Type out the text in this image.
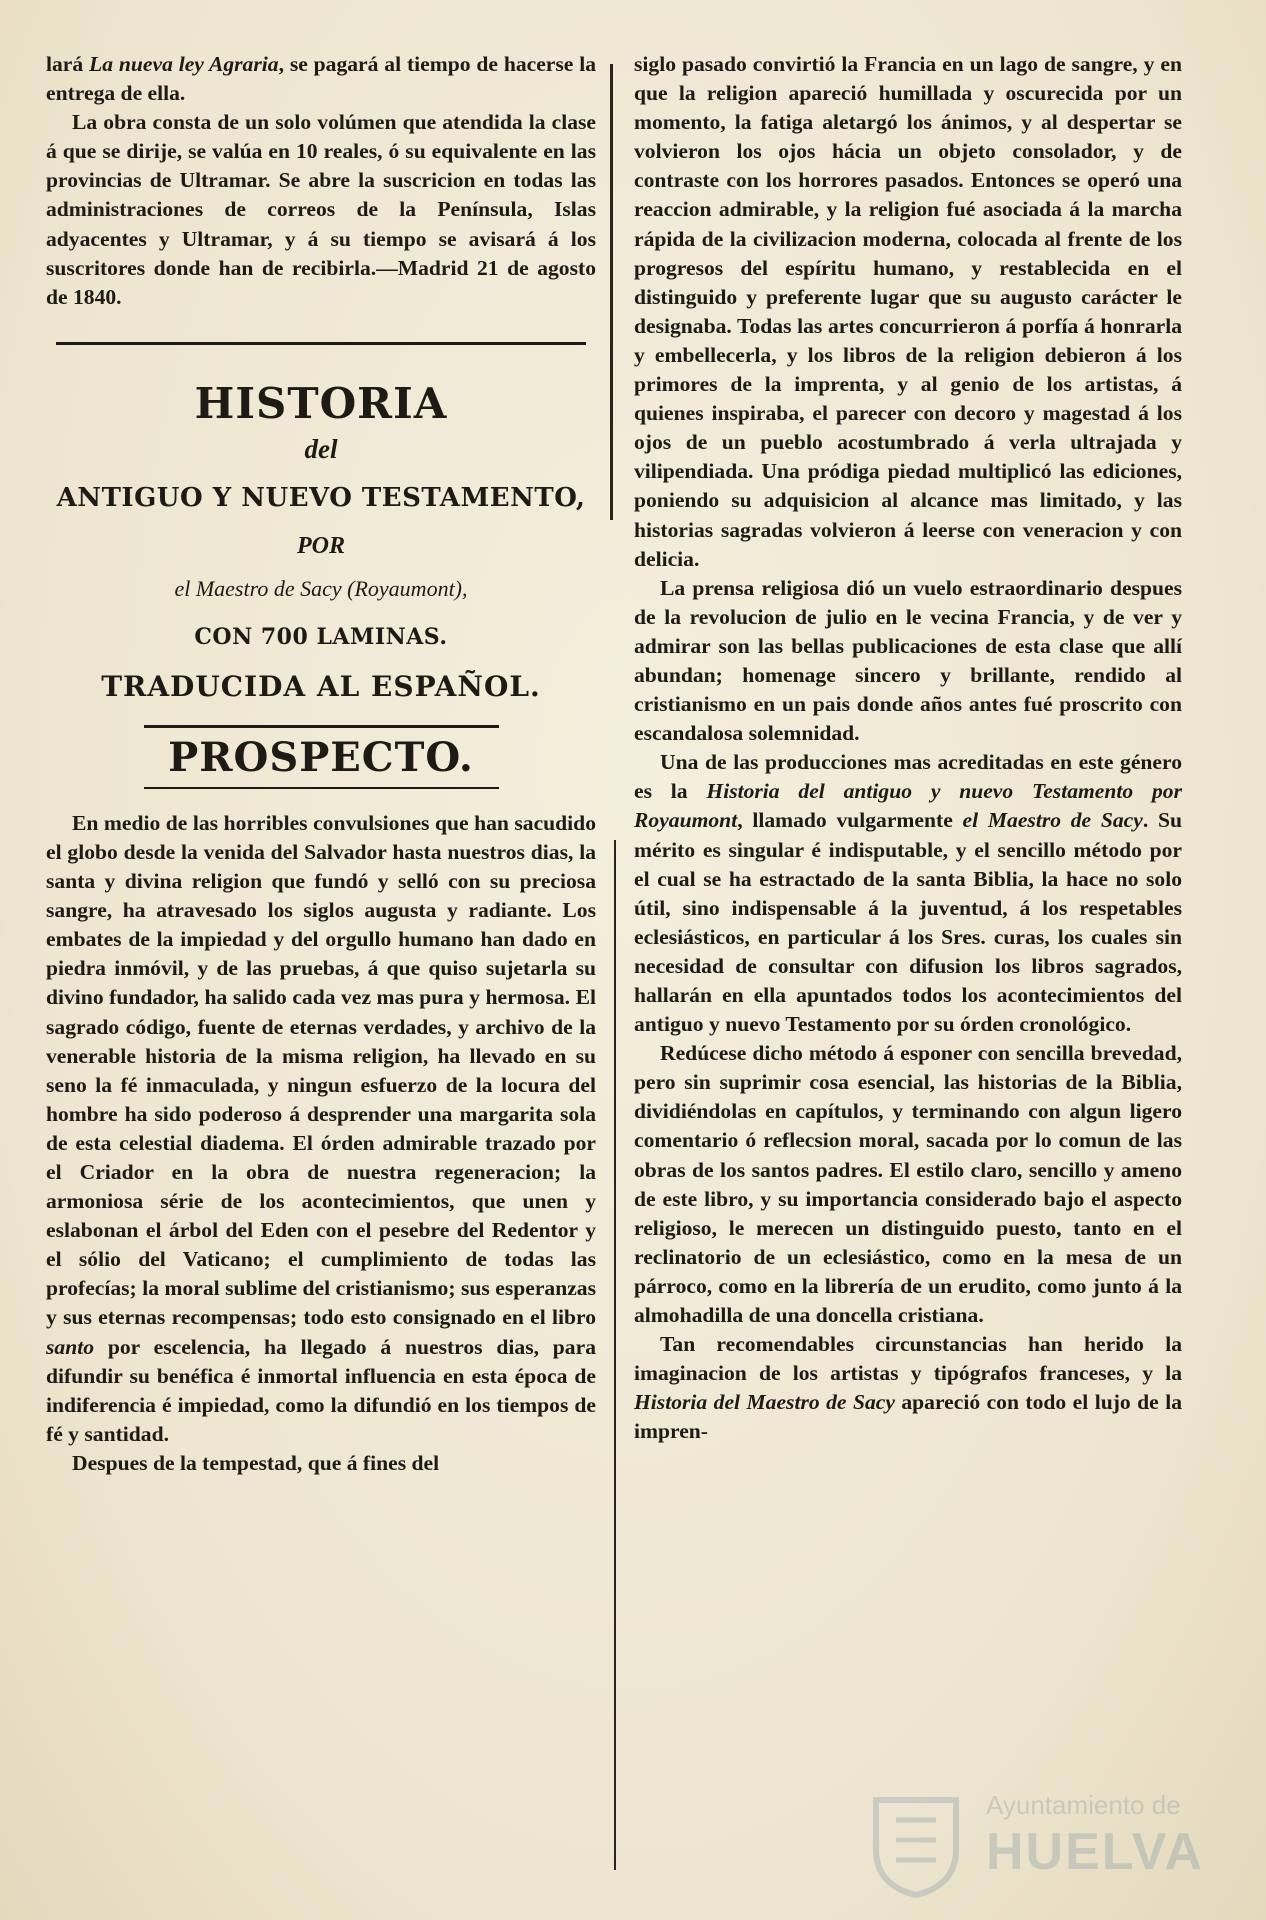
lará La nueva ley Agraria, se pagará al tiempo de hacerse la entrega de ella.

La obra consta de un solo volúmen que atendida la clase á que se dirije, se valúa en 10 reales, ó su equivalente en las provincias de Ultramar. Se abre la suscricion en todas las administraciones de correos de la Península, Islas adyacentes y Ultramar, y á su tiempo se avisará á los suscritores donde han de recibirla.—Madrid 21 de agosto de 1840.

HISTORIA
del
ANTIGUO Y NUEVO TESTAMENTO,
POR
el Maestro de Sacy (Royaumont),
CON 700 LAMINAS.
TRADUCIDA AL ESPAÑOL.
PROSPECTO.

En medio de las horribles convulsiones que han sacudido el globo desde la venida del Salvador hasta nuestros dias, la santa y divina religion que fundó y selló con su preciosa sangre, ha atravesado los siglos augusta y radiante. Los embates de la impiedad y del orgullo humano han dado en piedra inmóvil, y de las pruebas, á que quiso sujetarla su divino fundador, ha salido cada vez mas pura y hermosa. El sagrado código, fuente de eternas verdades, y archivo de la venerable historia de la misma religion, ha llevado en su seno la fé inmaculada, y ningun esfuerzo de la locura del hombre ha sido poderoso á desprender una margarita sola de esta celestial diadema. El órden admirable trazado por el Criador en la obra de nuestra regeneracion; la armoniosa série de los acontecimientos, que unen y eslabonan el árbol del Eden con el pesebre del Redentor y el sólio del Vaticano; el cumplimiento de todas las profecías; la moral sublime del cristianismo; sus esperanzas y sus eternas recompensas; todo esto consignado en el libro santo por escelencia, ha llegado á nuestros dias, para difundir su benéfica é inmortal influencia en esta época de indiferencia é impiedad, como la difundió en los tiempos de fé y santidad.

Despues de la tempestad, que á fines del

siglo pasado convirtió la Francia en un lago de sangre, y en que la religion apareció humillada y oscurecida por un momento, la fatiga aletargó los ánimos, y al despertar se volvieron los ojos hácia un objeto consolador, y de contraste con los horrores pasados. Entonces se operó una reaccion admirable, y la religion fué asociada á la marcha rápida de la civilizacion moderna, colocada al frente de los progresos del espíritu humano, y restablecida en el distinguido y preferente lugar que su augusto carácter le designaba. Todas las artes concurrieron á porfía á honrarla y embellecerla, y los libros de la religion debieron á los primores de la imprenta, y al genio de los artistas, á quienes inspiraba, el parecer con decoro y magestad á los ojos de un pueblo acostumbrado á verla ultrajada y vilipendiada. Una pródiga piedad multiplicó las ediciones, poniendo su adquisicion al alcance mas limitado, y las historias sagradas volvieron á leerse con veneracion y con delicia.

La prensa religiosa dió un vuelo estraordinario despues de la revolucion de julio en le vecina Francia, y de ver y admirar son las bellas publicaciones de esta clase que allí abundan; homenage sincero y brillante, rendido al cristianismo en un pais donde años antes fué proscrito con escandalosa solemnidad.

Una de las producciones mas acreditadas en este género es la Historia del antiguo y nuevo Testamento por Royaumont, llamado vulgarmente el Maestro de Sacy. Su mérito es singular é indisputable, y el sencillo método por el cual se ha estractado de la santa Biblia, la hace no solo útil, sino indispensable á la juventud, á los respetables eclesiásticos, en particular á los Sres. curas, los cuales sin necesidad de consultar con difusion los libros sagrados, hallarán en ella apuntados todos los acontecimientos del antiguo y nuevo Testamento por su órden cronológico.

Redúcese dicho método á esponer con sencilla brevedad, pero sin suprimir cosa esencial, las historias de la Biblia, dividiéndolas en capítulos, y terminando con algun ligero comentario ó reflecsion moral, sacada por lo comun de las obras de los santos padres. El estilo claro, sencillo y ameno de este libro, y su importancia considerado bajo el aspecto religioso, le merecen un distinguido puesto, tanto en el reclinatorio de un eclesiástico, como en la mesa de un párroco, como en la librería de un erudito, como junto á la almohadilla de una doncella cristiana.

Tan recomendables circunstancias han herido la imaginacion de los artistas y tipógrafos franceses, y la Historia del Maestro de Sacy apareció con todo el lujo de la impren-

Ayuntamiento de
HUELVA
